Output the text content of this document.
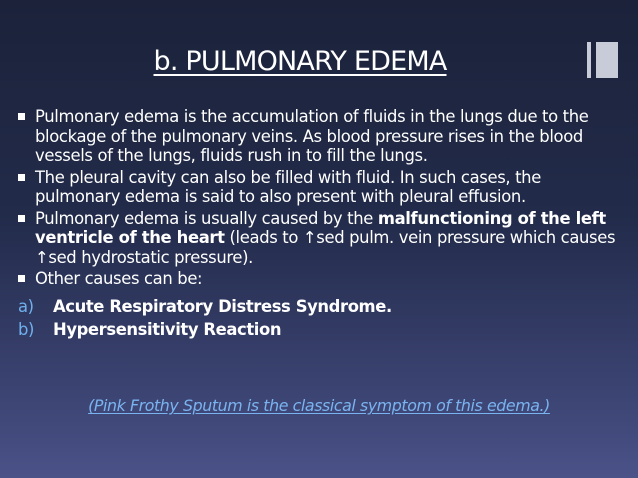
b. PULMONARY EDEMA
Pulmonary edema is the accumulation of fluids in the lungs due to the blockage of the pulmonary veins. As blood pressure rises in the blood vessels of the lungs, fluids rush in to fill the lungs.
The pleural cavity can also be filled with fluid. In such cases, the pulmonary edema is said to also present with pleural effusion.
Pulmonary edema is usually caused by the malfunctioning of the left ventricle of the heart (leads to ↑sed pulm. vein pressure which causes ↑sed hydrostatic pressure).
Other causes can be:
a) Acute Respiratory Distress Syndrome.
b) Hypersensitivity Reaction
(Pink Frothy Sputum is the classical symptom of this edema.)
